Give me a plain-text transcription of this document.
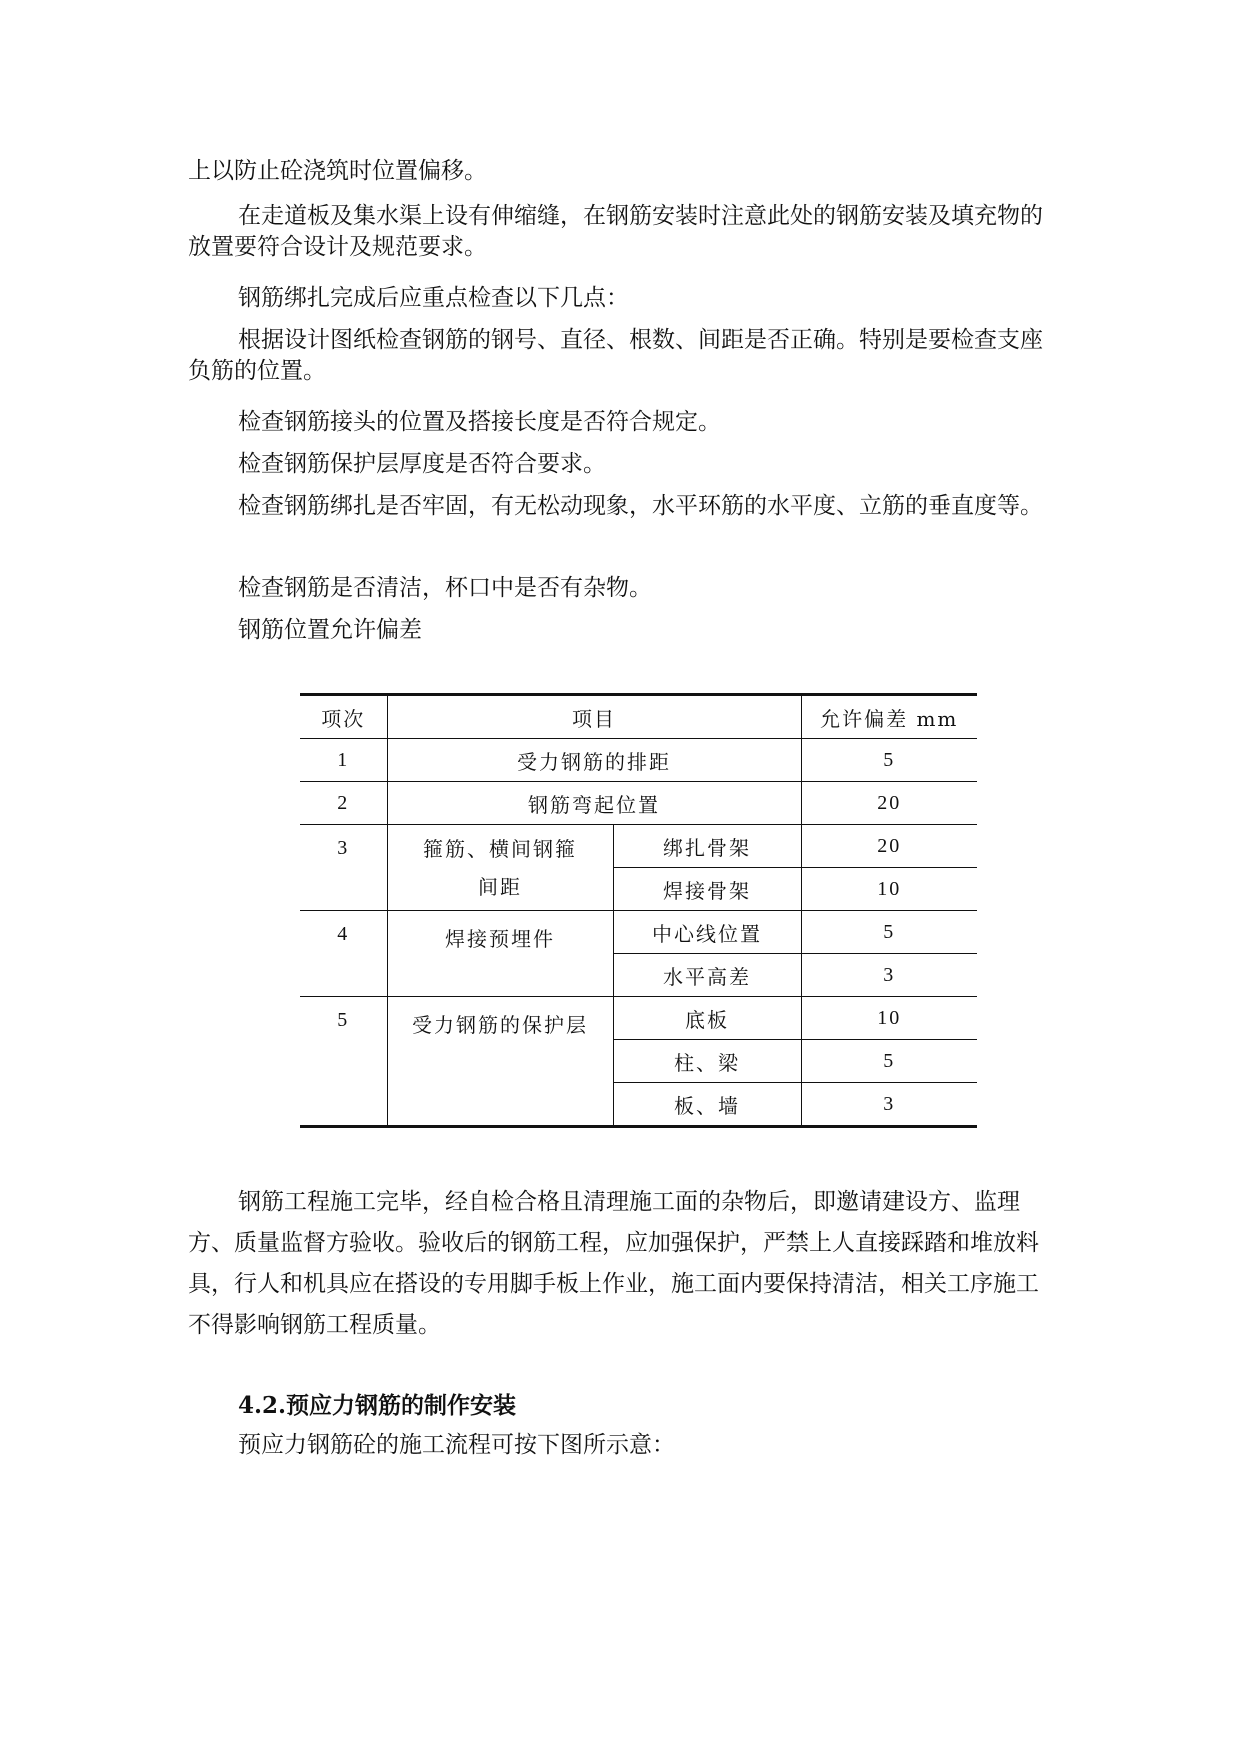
上以防止砼浇筑时位置偏移。

在走道板及集水渠上设有伸缩缝，在钢筋安装时注意此处的钢筋安装及填充物的放置要符合设计及规范要求。

钢筋绑扎完成后应重点检查以下几点：

根据设计图纸检查钢筋的钢号、直径、根数、间距是否正确。特别是要检查支座负筋的位置。

检查钢筋接头的位置及搭接长度是否符合规定。

检查钢筋保护层厚度是否符合要求。

检查钢筋绑扎是否牢固，有无松动现象，水平环筋的水平度、立筋的垂直度等。

检查钢筋是否清洁，杯口中是否有杂物。

钢筋位置允许偏差

项次	项目		允许偏差 mm
1	受力钢筋的排距		5
2	钢筋弯起位置		20
3	箍筋、横间钢箍
间距	绑扎骨架	20
		焊接骨架	10
4	焊接预埋件	中心线位置	5
		水平高差	3
5	受力钢筋的保护层	底板	10
		柱、梁	5
		板、墙	3

钢筋工程施工完毕，经自检合格且清理施工面的杂物后，即邀请建设方、监理方、质量监督方验收。验收后的钢筋工程，应加强保护，严禁上人直接踩踏和堆放料具，行人和机具应在搭设的专用脚手板上作业，施工面内要保持清洁，相关工序施工不得影响钢筋工程质量。

4.2.预应力钢筋的制作安装

预应力钢筋砼的施工流程可按下图所示意：
